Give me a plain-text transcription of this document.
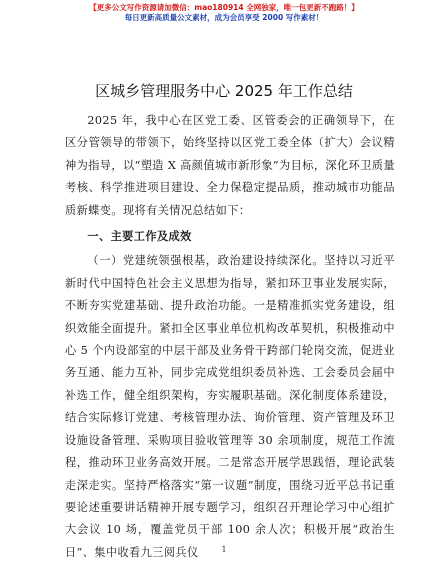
【更多公文写作资源请加微信：mao180914 全网独家，唯一包更新不跑路！】
每日更新高质量公文素材，成为会员享受 2000 写作素材！
区城乡管理服务中心 2025 年工作总结

2025 年，我中心在区党工委、区管委会的正确领导下，在区分管领导的带领下，始终坚持以区党工委全体（扩大）会议精神为指导，以“塑造 X 高颜值城市新形象”为目标，深化环卫质量考核、科学推进项目建设、全力保稳定提品质，推动城市功能品质新蝶变。现将有关情况总结如下：

一、主要工作及成效

（一）党建统领强根基，政治建设持续深化。坚持以习近平新时代中国特色社会主义思想为指导，紧扣环卫事业发展实际，不断夯实党建基础、提升政治功能。一是精准抓实党务建设，组织效能全面提升。紧扣全区事业单位机构改革契机，积极推动中心 5 个内设部室的中层干部及业务骨干跨部门轮岗交流，促进业务互通、能力互补，同步完成党组织委员补选、工会委员会届中补选工作，健全组织架构，夯实履职基础。深化制度体系建设，结合实际修订党建、考核管理办法、询价管理、资产管理及环卫设施设备管理、采购项目验收管理等 30 余项制度，规范工作流程，推动环卫业务高效开展。二是常态开展学思践悟，理论武装走深走实。坚持严格落实“第一议题”制度，围绕习近平总书记重要论述重要讲话精神开展专题学习，组织召开理论学习中心组扩大会议 10 场，覆盖党员干部 100 余人次；积极开展“政治生日”、集中收看九三阅兵仪	1
